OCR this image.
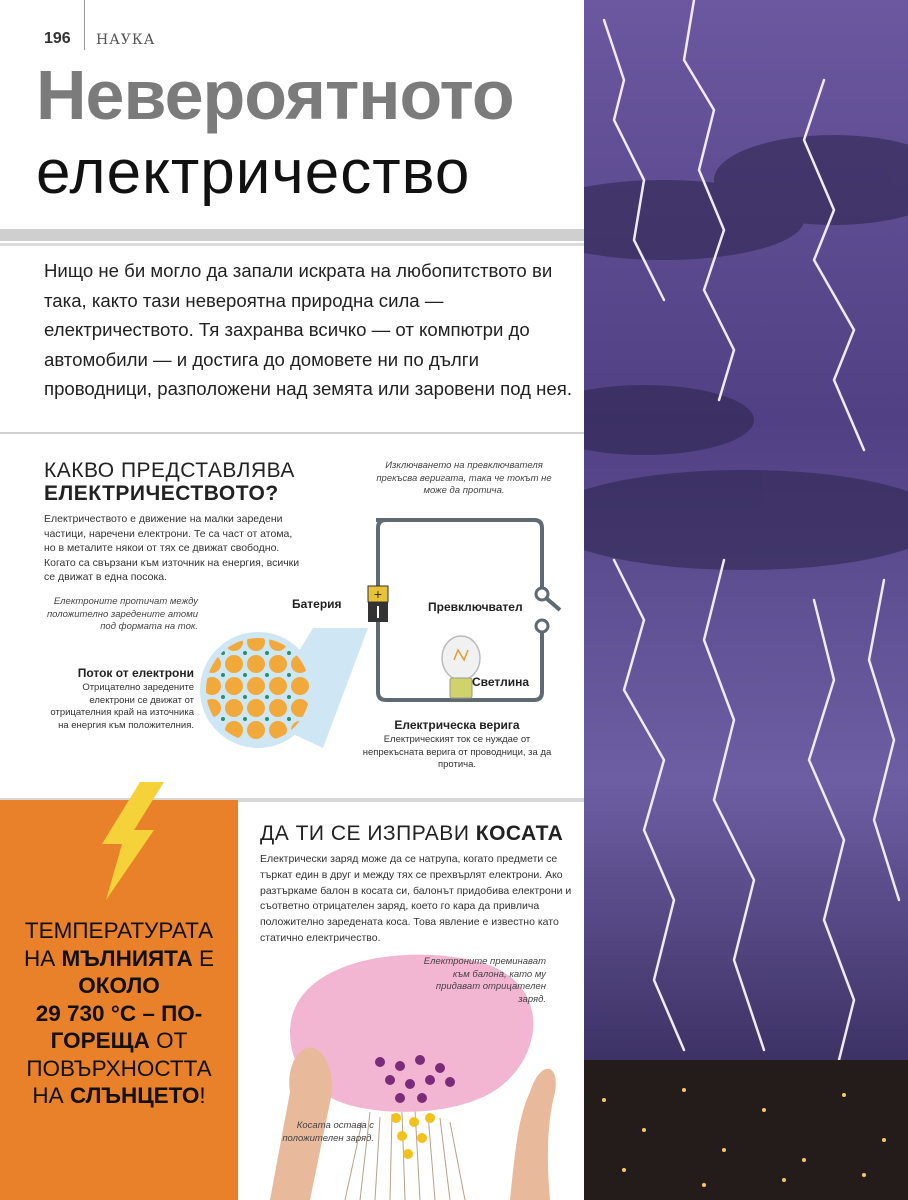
196 НАУКА
Невероятното
електричество
Нищо не би могло да запали искрата на любопитството ви така, както тази невероятна природна сила — електричеството. Тя захранва всичко — от компютри до автомобили — и достига до домовете ни по дълги проводници, разположени над земята или заровени под нея.
КАКВО ПРЕДСТАВЛЯВА
ЕЛЕКТРИЧЕСТВОТО?
Електричеството е движение на малки заредени частици, наречени електрони. Те са част от атома, но в металите някои от тях се движат свободно. Когато са свързани към източник на енергия, всички се движат в една посока.
Изключването на превключвателя прекъсва веригата, така че токът не може да протича.
Електроните протичат между положително заредените атоми под формата на ток.
+
Батерия	Превключвател
Светлина
Поток от електрони
Отрицателно заредените електрони се движат от отрицателния край на източника на енергия към положителния.	Електрическа верига
Електрическият ток се нуждае от непрекъсната верига от проводници, за да протича.
ТЕМПЕРАТУРАТА
НА МЪЛНИЯТА Е
ОКОЛО
29 730 °C – ПО-
ГОРЕЩА ОТ
ПОВЪРХНОСТТА
НА СЛЪНЦЕТО!
ДА ТИ СЕ ИЗПРАВИ КОСАТА
Електрически заряд може да се натрупа, когато предмети се търкат един в друг и между тях се прехвърлят електрони. Ако разтъркаме балон в косата си, балонът придобива електрони и съответно отрицателен заряд, което го кара да привлича положително заредената коса. Това явление е известно като статично електричество.
Електроните преминават към балона, като му придават отрицателен заряд.
Косата остава с положителен заряд.
